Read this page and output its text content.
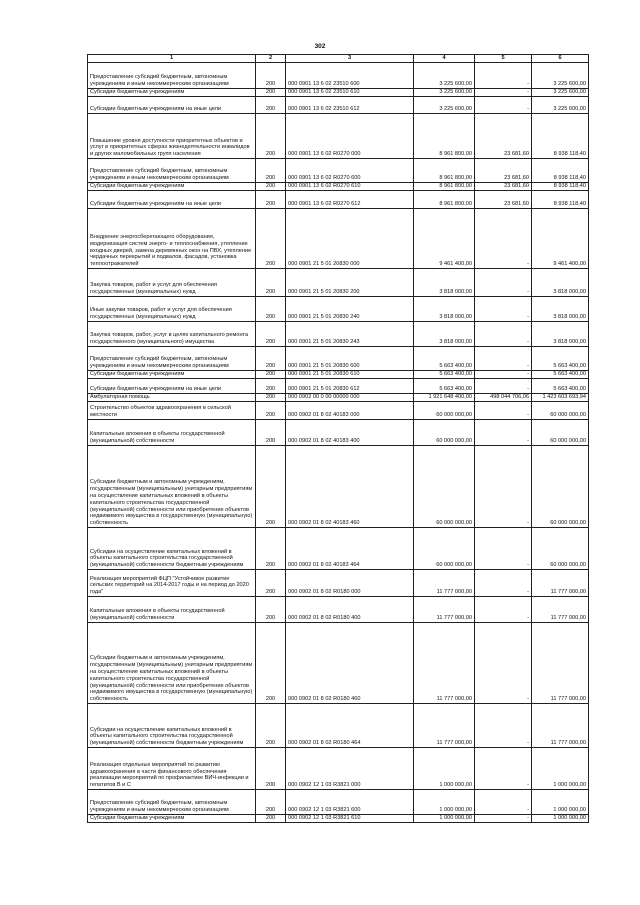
302
1	2	3	4	5	6
Предоставление субсидий бюджетным, автономным учреждениям и иным некоммерческим организациям	200	000 0901 13 6 02 23510 600	3 225 600,00	-	3 225 600,00
Субсидии бюджетным учреждениям	200	000 0901 13 6 02 23510 610	3 225 600,00	-	3 225 600,00
Субсидии бюджетным учреждениям на иные цели	200	000 0901 13 6 02 23510 612	3 225 600,00	-	3 225 600,00
Повышение уровня доступности приоритетных объектов и услуг в приоритетных сферах жизнедеятельности инвалидов и других маломобильных групп населения	200	000 0901 13 6 02 R0270 000	8 961 800,00	23 681,60	8 938 118,40
Предоставление субсидий бюджетным, автономным учреждениям и иным некоммерческим организациям	200	000 0901 13 6 02 R0270 600	8 961 800,00	23 681,60	8 938 118,40
Субсидии бюджетным учреждениям	200	000 0901 13 6 02 R0270 610	8 961 800,00	23 681,60	8 938 118,40
Субсидии бюджетным учреждениям на иные цели	200	000 0901 13 6 02 R0270 612	8 961 800,00	23 681,60	8 938 118,40
Внедрение энергосберегающего оборудования, модернизация систем энерго- и теплоснабжения, утепление входных дверей, замена деревянных окон на ПВХ, утепление чердачных перекрытий и подвалов, фасадов, установка теплоотражателей	200	000 0901 21 5 01 20830 000	9 461 400,00	-	9 461 400,00
Закупка товаров, работ и услуг для обеспечения государственных (муниципальных) нужд	200	000 0901 21 5 01 20830 200	3 818 000,00	-	3 818 000,00
Иные закупки товаров, работ и услуг для обеспечения государственных (муниципальных) нужд	200	000 0901 21 5 01 20830 240	3 818 000,00	-	3 818 000,00
Закупка товаров, работ, услуг в целях капитального ремонта государственного (муниципального) имущества	200	000 0901 21 5 01 20830 243	3 818 000,00	-	3 818 000,00
Предоставление субсидий бюджетным, автономным учреждениям и иным некоммерческим организациям	200	000 0901 21 5 01 20830 600	5 663 400,00	-	5 663 400,00
Субсидии бюджетным учреждениям	200	000 0901 21 5 01 20830 610	5 663 400,00	-	5 663 400,00
Субсидии бюджетным учреждениям на иные цели	200	000 0901 21 5 01 20830 612	5 663 400,00	-	5 663 400,00
Амбулаторная помощь	200	000 0902 00 0 00 00000 000	1 921 648 400,00	498 044 706,06	1 423 603 693,94
Строительство объектов здравоохранения в сельской местности	200	000 0902 01 8 02 40183 000	60 000 000,00	-	60 000 000,00
Капитальные вложения в объекты государственной (муниципальной) собственности	200	000 0902 01 8 02 40183 400	60 000 000,00	-	60 000 000,00
Субсидии бюджетным и автономным учреждениям, государственным (муниципальным) унитарным предприятиям на осуществление капитальных вложений в объекты капитального строительства государственной (муниципальной) собственности или приобретение объектов недвижимого имущества в государственную (муниципальную) собственность	200	000 0902 01 8 02 40183 460	60 000 000,00	-	60 000 000,00
Субсидии на осуществление капитальных вложений в объекты капитального строительства государственной (муниципальной) собственности бюджетным учреждениям	200	000 0902 01 8 02 40183 464	60 000 000,00	-	60 000 000,00
Реализация мероприятий ФЦП "Устойчивое развитие сельских территорий на 2014-2017 годы и на период до 2020 года"	200	000 0902 01 8 02 R0180 000	11 777 000,00	-	11 777 000,00
Капитальные вложения в объекты государственной (муниципальной) собственности	200	000 0902 01 8 02 R0180 400	11 777 000,00	-	11 777 000,00
Субсидии бюджетным и автономным учреждениям, государственным (муниципальным) унитарным предприятиям на осуществление капитальных вложений в объекты капитального строительства государственной (муниципальной) собственности или приобретение объектов недвижимого имущества в государственную (муниципальную) собственность	200	000 0902 01 8 02 R0180 460	11 777 000,00	-	11 777 000,00
Субсидии на осуществление капитальных вложений в объекты капитального строительства государственной (муниципальной) собственности бюджетным учреждениям	200	000 0902 01 8 02 R0180 464	11 777 000,00	-	11 777 000,00
Реализация отдельных мероприятий по развитию здравоохранения в части финансового обеспечения реализации мероприятий по профилактике ВИЧ-инфекции и гепатитов В и С	200	000 0902 12 1 03 R3821 000	1 000 000,00	-	1 000 000,00
Предоставление субсидий бюджетным, автономным учреждениям и иным некоммерческим организациям	200	000 0902 12 1 03 R3821 600	1 000 000,00	-	1 000 000,00
Субсидии бюджетным учреждениям	200	000 0902 12 1 03 R3821 610	1 000 000,00	-	1 000 000,00
